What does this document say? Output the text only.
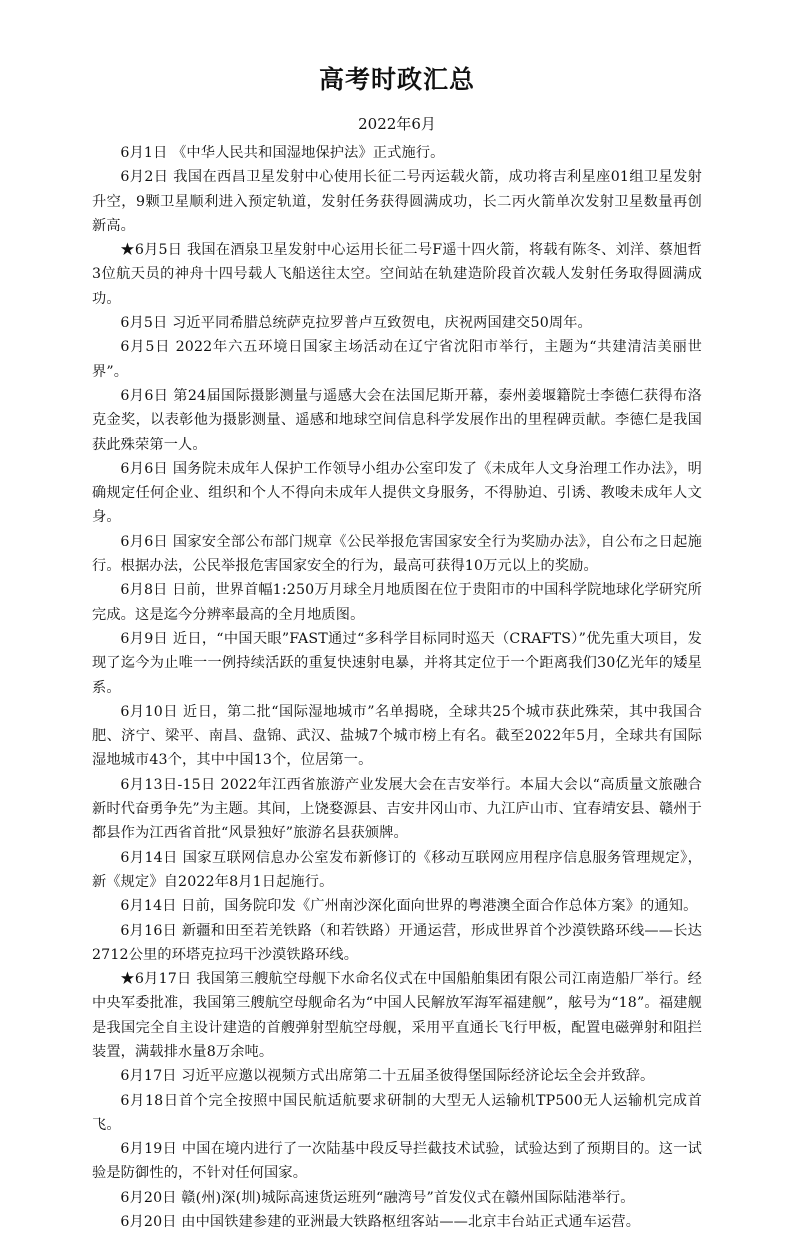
高考时政汇总
2022年6月

6月1日 《中华人民共和国湿地保护法》正式施行。

6月2日 我国在西昌卫星发射中心使用长征二号丙运载火箭，成功将吉利星座01组卫星发射升空，9颗卫星顺利进入预定轨道，发射任务获得圆满成功，长二丙火箭单次发射卫星数量再创新高。

★6月5日 我国在酒泉卫星发射中心运用长征二号F遥十四火箭，将载有陈冬、刘洋、蔡旭哲3位航天员的神舟十四号载人飞船送往太空。空间站在轨建造阶段首次载人发射任务取得圆满成功。

6月5日 习近平同希腊总统萨克拉罗普卢互致贺电，庆祝两国建交50周年。

6月5日 2022年六五环境日国家主场活动在辽宁省沈阳市举行，主题为“共建清洁美丽世界”。

6月6日 第24届国际摄影测量与遥感大会在法国尼斯开幕，泰州姜堰籍院士李德仁获得布洛克金奖，以表彰他为摄影测量、遥感和地球空间信息科学发展作出的里程碑贡献。李德仁是我国获此殊荣第一人。

6月6日 国务院未成年人保护工作领导小组办公室印发了《未成年人文身治理工作办法》，明确规定任何企业、组织和个人不得向未成年人提供文身服务，不得胁迫、引诱、教唆未成年人文身。

6月6日 国家安全部公布部门规章《公民举报危害国家安全行为奖励办法》，自公布之日起施行。根据办法，公民举报危害国家安全的行为，最高可获得10万元以上的奖励。

6月8日 日前，世界首幅1:250万月球全月地质图在位于贵阳市的中国科学院地球化学研究所完成。这是迄今分辨率最高的全月地质图。

6月9日 近日，“中国天眼”FAST通过“多科学目标同时巡天（CRAFTS）”优先重大项目，发现了迄今为止唯一一例持续活跃的重复快速射电暴，并将其定位于一个距离我们30亿光年的矮星系。

6月10日 近日，第二批“国际湿地城市”名单揭晓，全球共25个城市获此殊荣，其中我国合肥、济宁、梁平、南昌、盘锦、武汉、盐城7个城市榜上有名。截至2022年5月，全球共有国际湿地城市43个，其中中国13个，位居第一。

6月13日-15日 2022年江西省旅游产业发展大会在吉安举行。本届大会以“高质量文旅融合新时代奋勇争先”为主题。其间，上饶婺源县、吉安井冈山市、九江庐山市、宜春靖安县、赣州于都县作为江西省首批“风景独好”旅游名县获颁牌。

6月14日 国家互联网信息办公室发布新修订的《移动互联网应用程序信息服务管理规定》，新《规定》自2022年8月1日起施行。

6月14日 日前，国务院印发《广州南沙深化面向世界的粤港澳全面合作总体方案》的通知。

6月16日 新疆和田至若羌铁路（和若铁路）开通运营，形成世界首个沙漠铁路环线——长达2712公里的环塔克拉玛干沙漠铁路环线。

★6月17日 我国第三艘航空母舰下水命名仪式在中国船舶集团有限公司江南造船厂举行。经中央军委批准，我国第三艘航空母舰命名为“中国人民解放军海军福建舰”，舷号为“18”。福建舰是我国完全自主设计建造的首艘弹射型航空母舰，采用平直通长飞行甲板，配置电磁弹射和阻拦装置，满载排水量8万余吨。

6月17日 习近平应邀以视频方式出席第二十五届圣彼得堡国际经济论坛全会并致辞。

6月18日首个完全按照中国民航适航要求研制的大型无人运输机TP500无人运输机完成首飞。

6月19日 中国在境内进行了一次陆基中段反导拦截技术试验，试验达到了预期目的。这一试验是防御性的，不针对任何国家。

6月20日 赣(州)深(圳)城际高速货运班列“融湾号”首发仪式在赣州国际陆港举行。

6月20日 由中国铁建参建的亚洲最大铁路枢纽客站——北京丰台站正式通车运营。
